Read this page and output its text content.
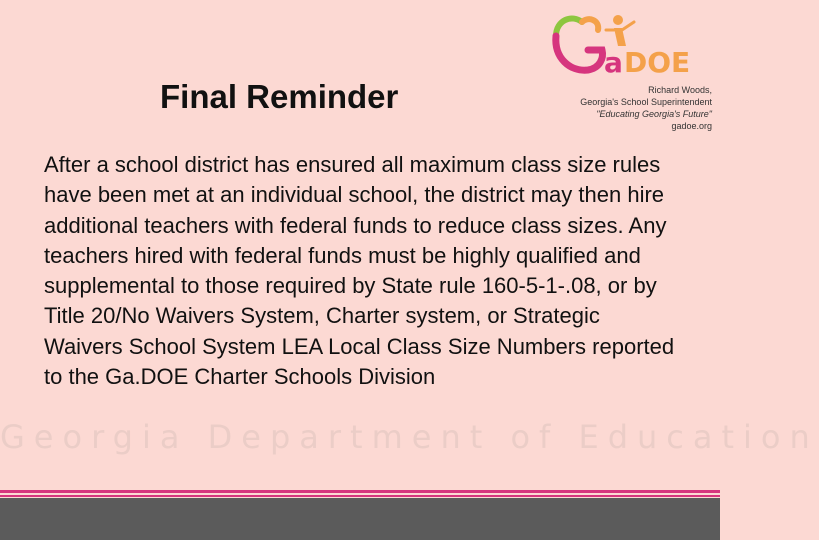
Georgia Department of Education
a DOE
Richard Woods,
Georgia's School Superintendent
"Educating Georgia's Future"
gadoe.org
Final Reminder
After a school district has ensured all maximum class size rules have been met at an individual school, the district may then hire additional teachers with federal funds to reduce class sizes. Any teachers hired with federal funds must be highly qualified and supplemental to those required by State rule 160-5-1-.08, or by Title 20/No Waivers System, Charter system, or Strategic Waivers School System LEA Local Class Size Numbers reported to the Ga.DOE Charter Schools Division
